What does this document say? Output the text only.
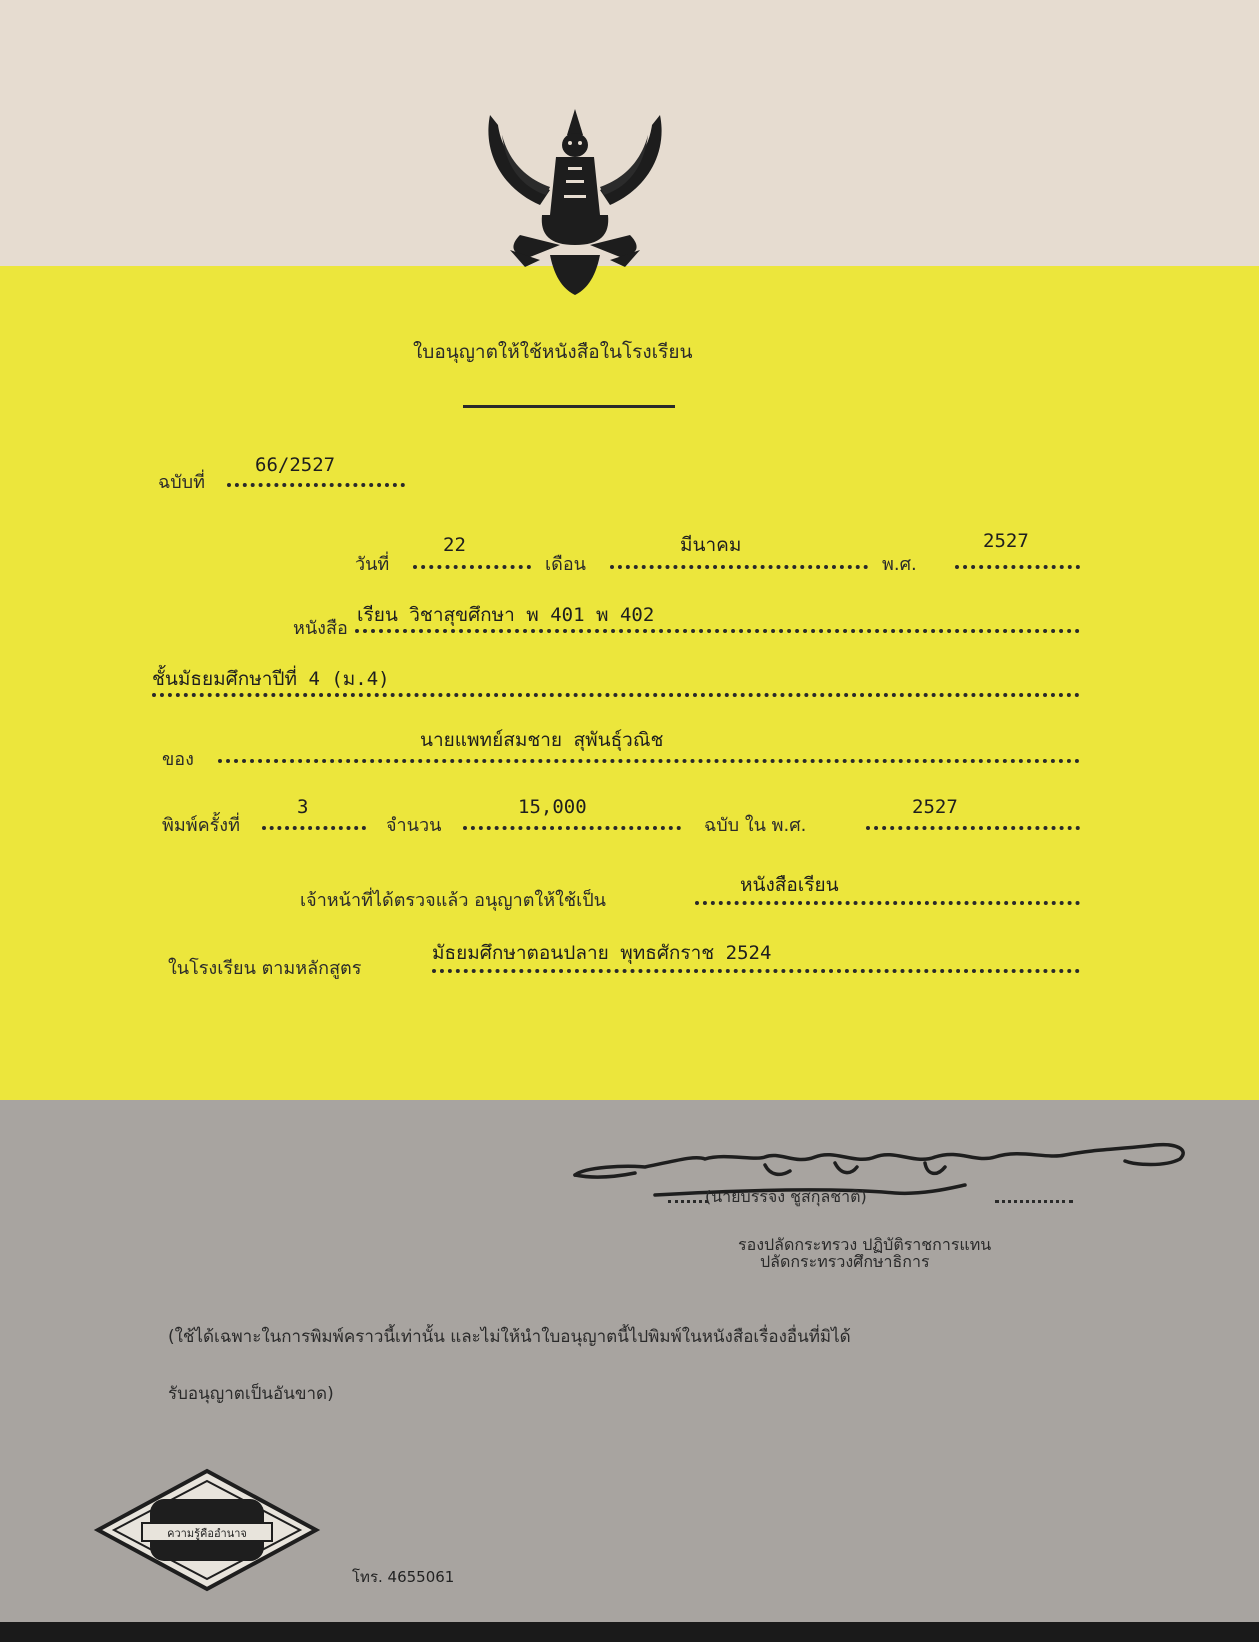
ใบอนุญาตให้ใช้หนังสือในโรงเรียน
ฉบับที่
66/2527
วันที่
22
เดือน
มีนาคม
พ.ศ.
2527
หนังสือ
เรียน วิชาสุขศึกษา พ 401 พ 402
ชั้นมัธยมศึกษาปีที่ 4 (ม.4)
ของ
นายแพทย์สมชาย สุพันธุ์วณิช
พิมพ์ครั้งที่
3
จำนวน
15,000
ฉบับ ใน พ.ศ.
2527
เจ้าหน้าที่ได้ตรวจแล้ว อนุญาตให้ใช้เป็น
หนังสือเรียน
ในโรงเรียน ตามหลักสูตร
มัธยมศึกษาตอนปลาย พุทธศักราช 2524
(นายบรรจง ชูสกุลชาติ)
รองปลัดกระทรวง ปฏิบัติราชการแทน
ปลัดกระทรวงศึกษาธิการ
(ใช้ได้เฉพาะในการพิมพ์คราวนี้เท่านั้น และไม่ให้นำใบอนุญาตนี้ไปพิมพ์ในหนังสือเรื่องอื่นที่มิได้
รับอนุญาตเป็นอันขาด)
ความรู้คืออำนาจ
โทร. 4655061
